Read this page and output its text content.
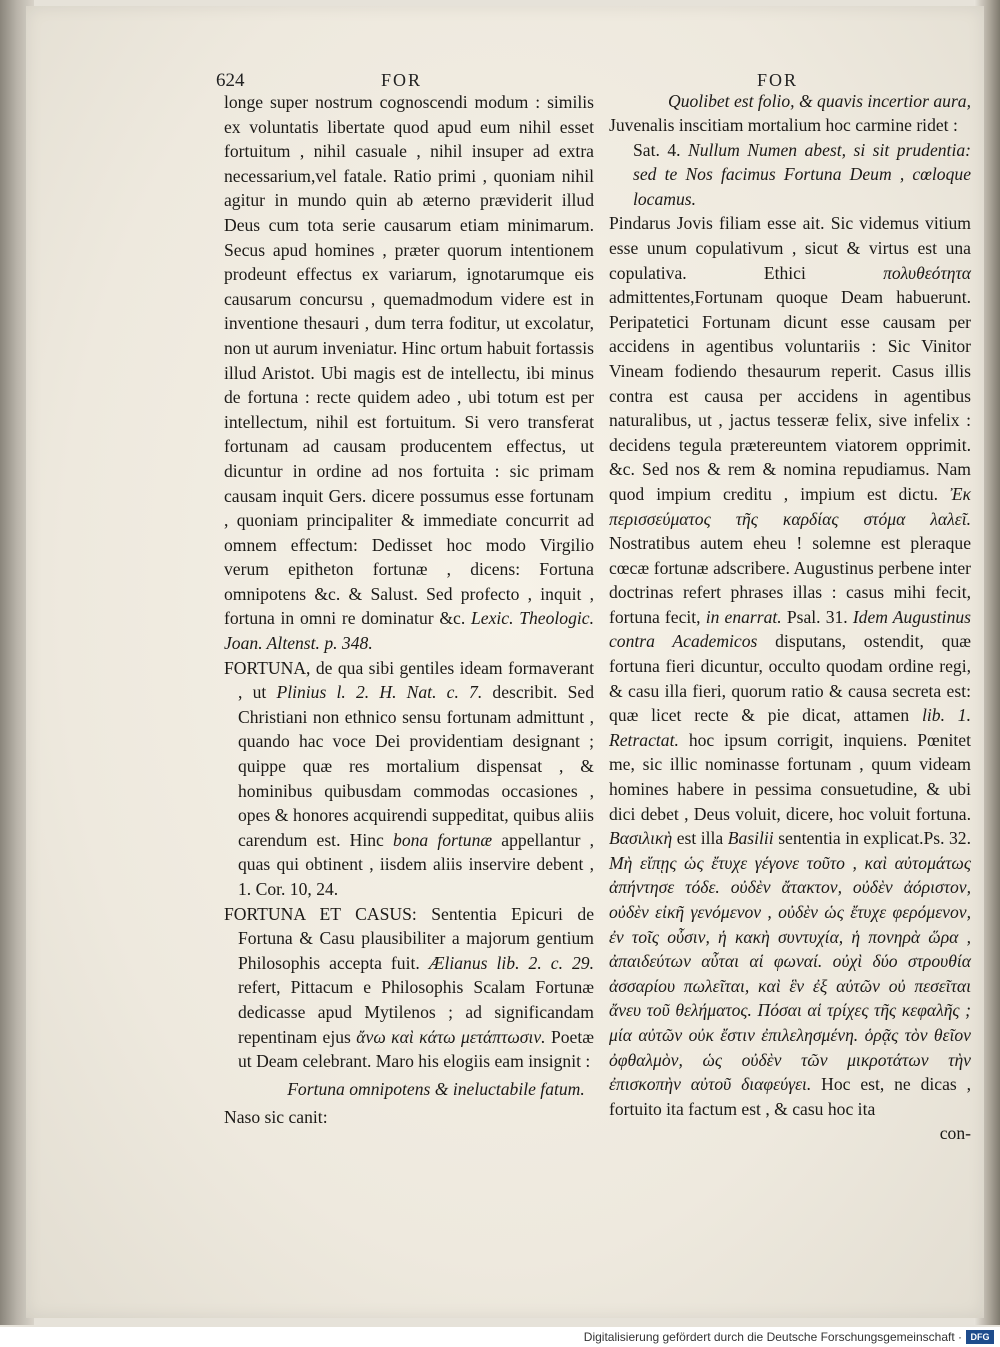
624	FOR	FOR

longe super nostrum cognoscendi modum : similis ex voluntatis libertate quod apud eum nihil esset fortuitum , nihil casuale , nihil insuper ad extra necessarium,vel fatale. Ratio primi , quoniam nihil agitur in mundo quin ab æterno præviderit illud Deus cum tota serie causarum etiam minimarum. Secus apud homines , præter quorum intentionem prodeunt effectus ex variarum, ignotarumque eis causarum concursu , quemadmodum videre est in inventione thesauri , dum terra foditur, ut excolatur, non ut aurum inveniatur. Hinc ortum habuit fortassis illud Aristot. Ubi magis est de intellectu, ibi minus de fortuna : recte quidem adeo , ubi totum est per intellectum, nihil est fortuitum. Si vero transferat fortunam ad causam producentem effectus, ut dicuntur in ordine ad nos fortuita : sic primam causam inquit Gers. dicere possumus esse fortunam , quoniam principaliter & immediate concurrit ad omnem effectum: Dedisset hoc modo Virgilio verum epitheton fortunæ , dicens: Fortuna omnipotens &c. & Salust. Sed profecto , inquit , fortuna in omni re dominatur &c. Lexic. Theologic. Joan. Altenst. p. 348.

FORTUNA, de qua sibi gentiles ideam formaverant , ut Plinius l. 2. H. Nat. c. 7. describit. Sed Christiani non ethnico sensu fortunam admittunt , quando hac voce Dei providentiam designant ; quippe quæ res mortalium dispensat , & hominibus quibusdam commodas occasiones , opes & honores acquirendi suppeditat, quibus aliis carendum est. Hinc bona fortunæ appellantur , quas qui obtinent , iisdem aliis inservire debent , 1. Cor. 10, 24.

FORTUNA ET CASUS: Sententia Epicuri de Fortuna & Casu plausibiliter a majorum gentium Philosophis accepta fuit. Ælianus lib. 2. c. 29. refert, Pittacum e Philosophis Scalam Fortunæ dedicasse apud Mytilenos ; ad significandam repentinam ejus ἄνω καὶ κάτω μετάπτωσιν. Poetæ ut Deam celebrant. Maro his elogiis eam insignit :

Fortuna omnipotens & ineluctabile fatum.

Naso sic canit:

Quolibet est folio, & quavis incertior aura,

Juvenalis inscitiam mortalium hoc carmine ridet :

Sat. 4. Nullum Numen abest, si sit prudentia: sed te Nos facimus Fortuna Deum , cœloque locamus.

Pindarus Jovis filiam esse ait. Sic videmus vitium esse unum copulativum , sicut & virtus est una copulativa. Ethici πολυθεότητα admittentes,Fortunam quoque Deam habuerunt. Peripatetici Fortunam dicunt esse causam per accidens in agentibus voluntariis : Sic Vinitor Vineam fodiendo thesaurum reperit. Casus illis contra est causa per accidens in agentibus naturalibus, ut , jactus tesseræ felix, sive infelix : decidens tegula prætereuntem viatorem opprimit. &c. Sed nos & rem & nomina repudiamus. Nam quod impium creditu , impium est dictu. Ἐκ περισσεύματος τῆς καρδίας στόμα λαλεῖ. Nostratibus autem eheu ! solemne est pleraque cœcæ fortunæ adscribere. Augustinus perbene inter doctrinas refert phrases illas : casus mihi fecit, fortuna fecit, in enarrat. Psal. 31. Idem Augustinus contra Academicos disputans, ostendit, quæ fortuna fieri dicuntur, occulto quodam ordine regi, & casu illa fieri, quorum ratio & causa secreta est: quæ licet recte & pie dicat, attamen lib. 1. Retractat. hoc ipsum corrigit, inquiens. Pœnitet me, sic illic nominasse fortunam , quum videam homines habere in pessima consuetudine, & ubi dici debet , Deus voluit, dicere, hoc voluit fortuna. Βασιλικὴ est illa Basilii sententia in explicat.Ps. 32. Μὴ εἴπῃς ὡς ἔτυχε γέγονε τοῦτο , καὶ αὐτομάτως ἀπήντησε τόδε. οὐδὲν ἄτακτον, οὐδὲν ἀόριστον, οὐδὲν εἰκῆ γενόμενον , οὐδὲν ὡς ἔτυχε φερόμενον, ἐν τοῖς οὖσιν, ἡ κακὴ συντυχία, ἡ πονηρὰ ὥρα , ἀπαιδεύτων αὗται αἱ φωναί. οὐχὶ δύο στρουθία ἀσσαρίου πωλεῖται, καὶ ἓν ἐξ αὐτῶν οὐ πεσεῖται ἄνευ τοῦ θελήματος. Πόσαι αἱ τρίχες τῆς κεφαλῆς ; μία αὐτῶν οὐκ ἔστιν ἐπιλελησμένη. ὁρᾷς τὸν θεῖον ὀφθαλμὸν, ὡς οὐδὲν τῶν μικροτάτων τὴν ἐπισκοπὴν αὐτοῦ διαφεύγει. Hoc est, ne dicas , fortuito ita factum est , & casu hoc ita

con-

Digitalisierung gefördert durch die Deutsche Forschungsgemeinschaft · DFG
